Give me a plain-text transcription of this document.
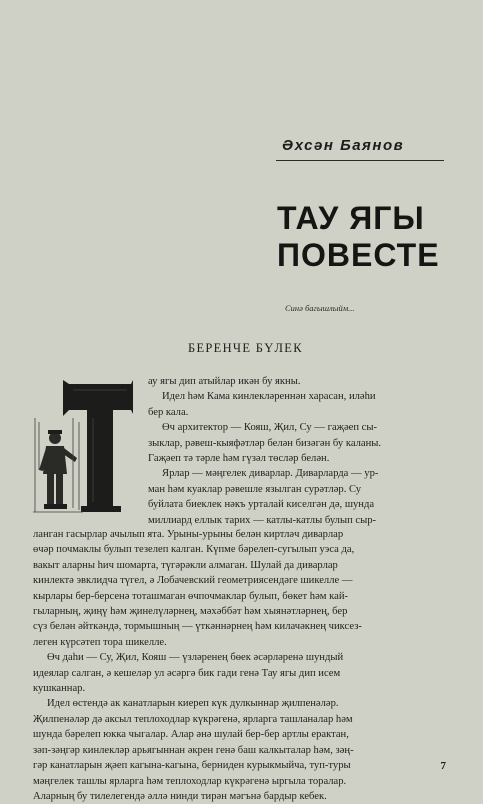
Әхсән Баянов
ТАУ ЯГЫ
ПОВЕСТЕ
Синә багышлыйм...
БЕРЕНЧЕ БҮЛЕК
ау ягы дип атыйлар икән бу якны.
Идел һәм Кама кинлекләреннән харасан, иләһи
бер кала.
Өч архитектор — Кояш, Җил, Су — гаҗәеп сы-
зыклар, рәвеш-кыяфәтләр белән бизәгән бу каланы.
Гаҗәеп тә тәрле һәм гүзәл төсләр белән.
Ярлар — мәңгелек диварлар. Диварларда — ур-
ман һәм куаклар рәвешле язылган сурәтләр. Су
буйлата биеклек нәкъ урталай киселгән дә, шунда
миллиард еллык тарих — катлы-катлы булып сыр-
ланган гасырлар ачылып ята. Урыны-урыны белән киртләч диварлар
өчәр почмаклы булып тезелеп калган. Күпме бәрелеп-сугылып уэса да,
вакыт аларны һич шомарта, түгәрәкли алмаган. Шулай да диварлар
кинлектә эвклидча түгел, ә Лобачевский геометриясендәге шикелле —
кырлары бер-берсенә тоташмаган өчпочмаклар булып, бөкет һәм кай-
гыларның, җиңү һәм җинелүләрнең, мәхәббәт һәм хыянәтләрнең, бер
сүз белән әйткәндә, тормышның — үткәннәрнең һәм килачәкнең чиксез-
леген күрсәтеп тора шикелле.
Өч даһи — Су, Җил, Кояш — үзләренең бөек әсәрләренә шундый
идеялар салган, ә кешеләр ул әсәргә бик гади генә Тау ягы дип исем
кушканнар.
Идел өстендә ак канатларын киереп күк дулкыннар җилпенәләр.
Җилпенәләр дә аксыл теплоходлар күкрәгенә, ярларга ташланалар һәм
шунда бәрелеп юкка чыгалар. Алар әнә шулай бер-бер артлы ерактан,
зәп-зәңгәр кинлекләр арьягыннан әкрен генә баш калкыталар һәм, зәң-
гәр канатларын җәеп кагына-кагына, берниден курыкмыйча, туп-туры
мәңгелек ташлы ярларга һәм теплоходлар күкрәгенә ыргыла торалар.
Аларның бу тилелегендә әллә нинди тирән мәгънә бардыр кебек.
7
